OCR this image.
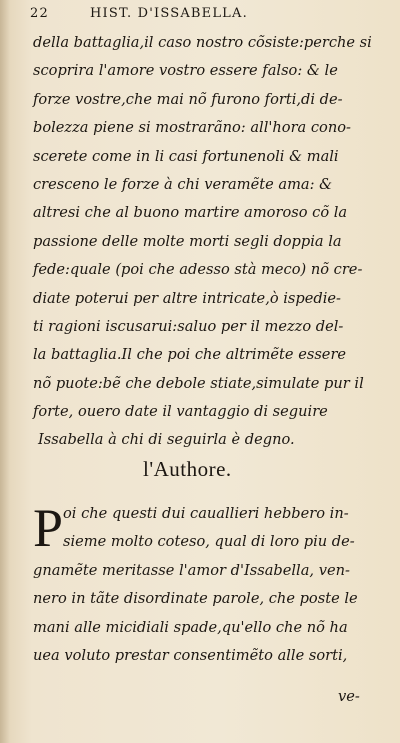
22	HIST. D'ISSABELLA.
della battaglia,il caso nostro cõsiste:perche si
scoprira l'amore vostro essere falso: & le
forze vostre,che mai nõ furono forti,di de-
bolezza piene si mostrarãno: all'hora cono-
scerete come in li casi fortunenoli & mali
cresceno le forze à chi veramẽte ama: &
altresi che al buono martire amoroso cõ la
passione delle molte morti segli doppia la
fede:quale (poi che adesso stà meco) nõ cre-
diate poterui per altre intricate,ò ispedie-
ti ragioni iscusarui:saluo per il mezzo del-
la battaglia.Il che poi che altrimẽte essere
nõ puote:bẽ che debole stiate,simulate pur il
forte, ouero date il vantaggio di seguire
Issabella à chi di seguirla è degno.
l'Authore.
P oi che questi dui cauallieri hebbero in-
sieme molto coteso, qual di loro piu de-
gnamẽte meritasse l'amor d'Issabella, ven-
nero in tãte disordinate parole, che poste le
mani alle micidiali spade,qu'ello che nõ ha
uea voluto prestar consentimẽto alle sorti,
ve-
